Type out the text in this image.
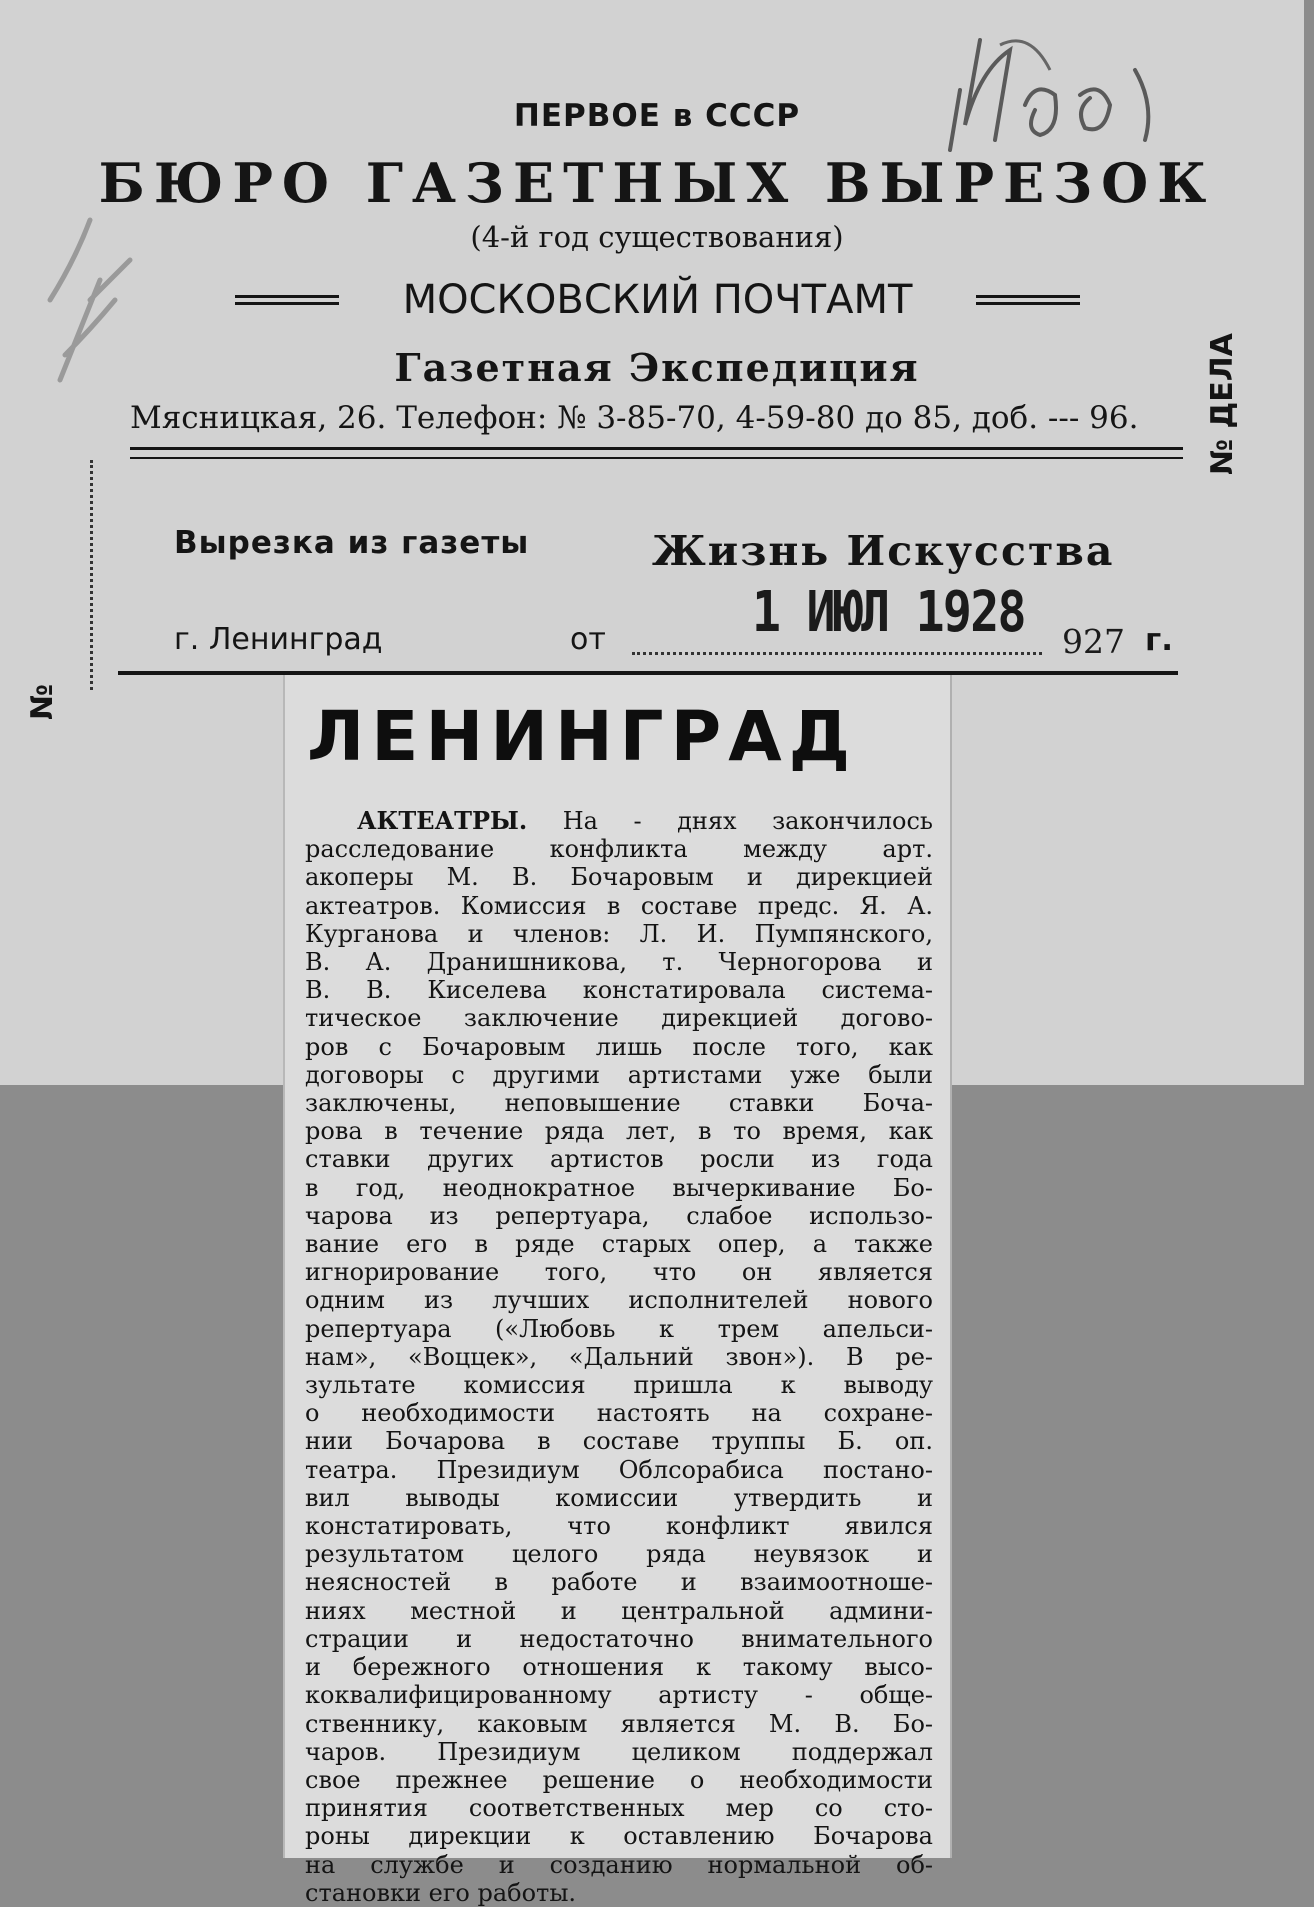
ПЕРВОЕ в СССР
БЮРО ГАЗЕТНЫХ ВЫРЕЗОК
(4-й год существования)
МОСКОВСКИЙ ПОЧТАМТ
Газетная Экспедиция
Мясницкая, 26. Телефон: № 3-85-70, 4-59-80 до 85, доб. --- 96.
№
№ ДЕЛА
Вырезка из газеты	Жизнь Искусства
г. Ленинград	от	1 ИЮЛ 1928 927 г.
ЛЕНИНГРАД
АКТЕАТРЫ. На - днях закончилось
расследование конфликта между арт.
акоперы М. В. Бочаровым и дирекцией
актеатров. Комиссия в составе предс. Я. А.
Курганова и членов: Л. И. Пумпянского,
В. А. Дранишникова, т. Черногорова и
В. В. Киселева констатировала системa-
тическое заключение дирекцией догово-
ров с Бочаровым лишь после того, как
договоры с другими артистами уже были
заключены, неповышение ставки Бочa-
рова в течение ряда лет, в то время, как
ставки других артистов росли из года
в год, неоднократное вычеркивание Бо-
чарова из репертуара, слабое использо-
вание его в ряде старых опер, а также
игнорирование того, что он является
одним из лучших исполнителей нового
репертуара («Любовь к трем апельси-
нам», «Воццек», «Дальний звон»). В ре-
зультате комиссия пришла к выводу
о необходимости настоять на сохране-
нии Бочарова в составе труппы Б. оп.
театра. Президиум Облсорабиса постано-
вил выводы комиссии утвердить и
констатировать, что конфликт явился
результатом целого ряда неувязок и
неясностей в работе и взаимоотноше-
ниях местной и центральной админи-
страции и недостаточно внимательного
и бережного отношения к такому высо-
коквалифицированному артисту - обще-
ственнику, каковым является М. В. Бо-
чаров. Президиум целиком поддержал
свое прежнее решение о необходимости
принятия соответственных мер со сто-
роны дирекции к оставлению Бочарова
на службе и созданию нормальной об-
становки его работы.
